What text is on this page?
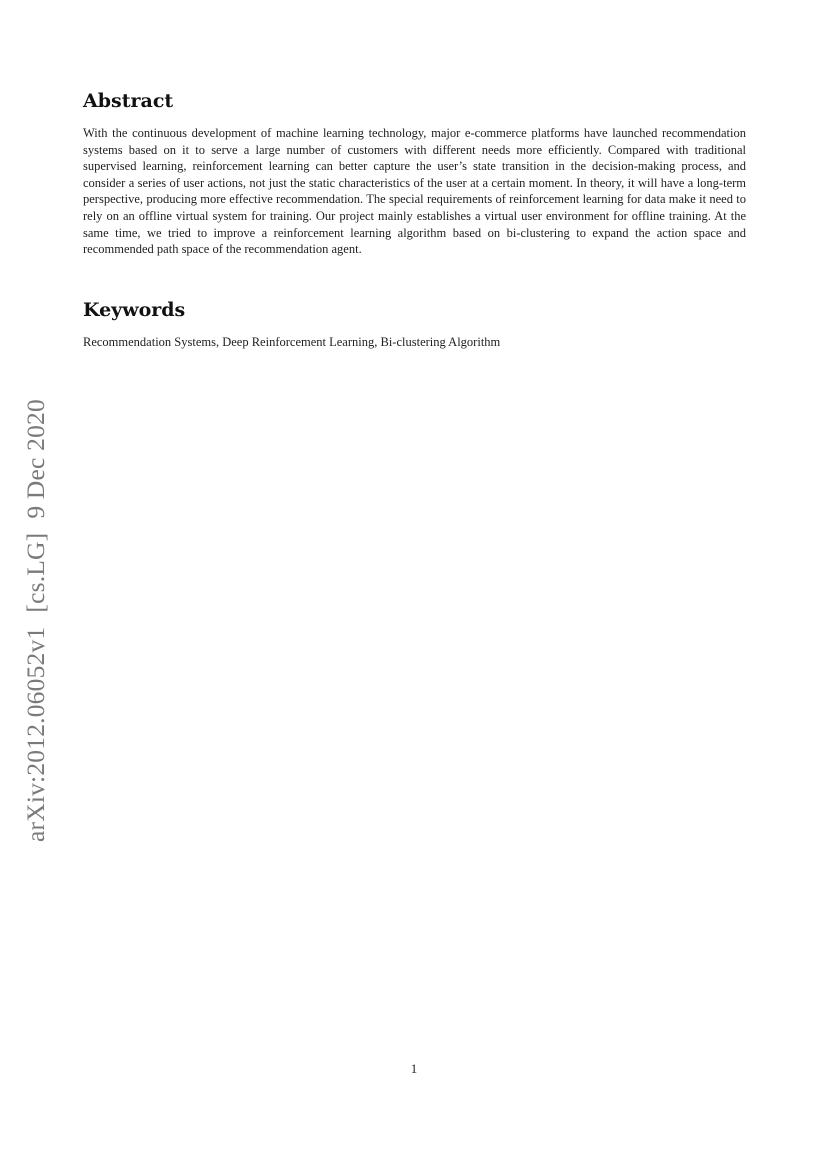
Abstract

With the continuous development of machine learning technology, major e-commerce platforms have launched recommendation systems based on it to serve a large number of customers with different needs more efficiently. Compared with traditional supervised learning, reinforcement learning can better capture the user’s state transition in the decision-making process, and consider a series of user actions, not just the static characteristics of the user at a certain moment. In theory, it will have a long-term perspective, producing more effective recommendation. The special requirements of reinforcement learning for data make it need to rely on an offline virtual system for training. Our project mainly establishes a virtual user environment for offline training. At the same time, we tried to improve a reinforcement learning algorithm based on bi-clustering to expand the action space and recommended path space of the recommendation agent.

Keywords

Recommendation Systems, Deep Reinforcement Learning, Bi-clustering Algorithm

arXiv:2012.06052v1[cs.LG]9 Dec 2020
1
